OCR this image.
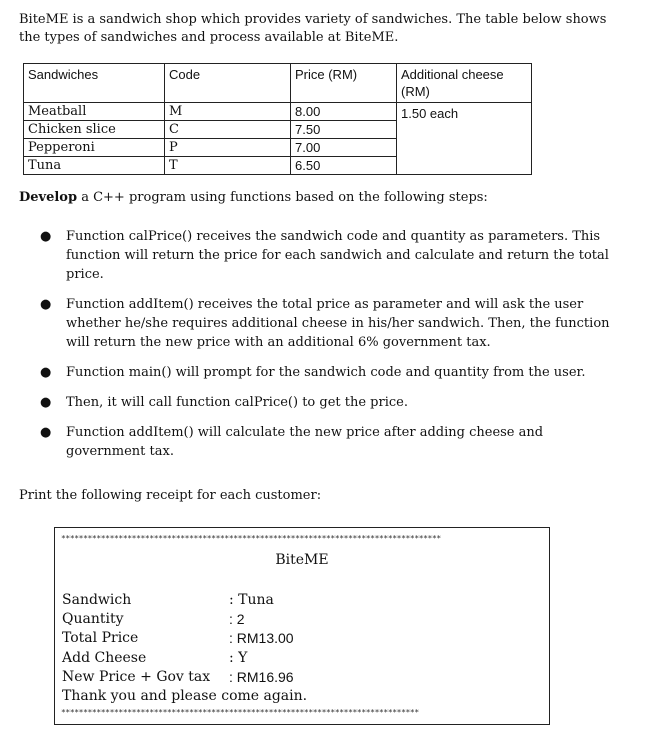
BiteME is a sandwich shop which provides variety of sandwiches. The table below shows
the types of sandwiches and process available at BiteME.
Sandwiches	Code	Price (RM)	Additional cheese (RM)
Meatball	M	8.00	1.50 each
Chicken slice	C	7.50	
Pepperoni	P	7.00	
Tuna	T	6.50	
Develop a C++ program using functions based on the following steps:
● Function calPrice() receives the sandwich code and quantity as parameters. This function will return the price for each sandwich and calculate and return the total price.
● Function addItem() receives the total price as parameter and will ask the user whether he/she requires additional cheese in his/her sandwich. Then, the function will return the new price with an additional 6% government tax.
● Function main() will prompt for the sandwich code and quantity from the user.
● Then, it will call function calPrice() to get the price.
● Function addItem() will calculate the new price after adding cheese and government tax.
Print the following receipt for each customer:
**************************************************************************************
BiteME
Sandwich	: Tuna
Quantity	: 2
Total Price	: RM13.00
Add Cheese	: Y
New Price + Gov tax : RM16.96
Thank you and please come again.
*********************************************************************************
